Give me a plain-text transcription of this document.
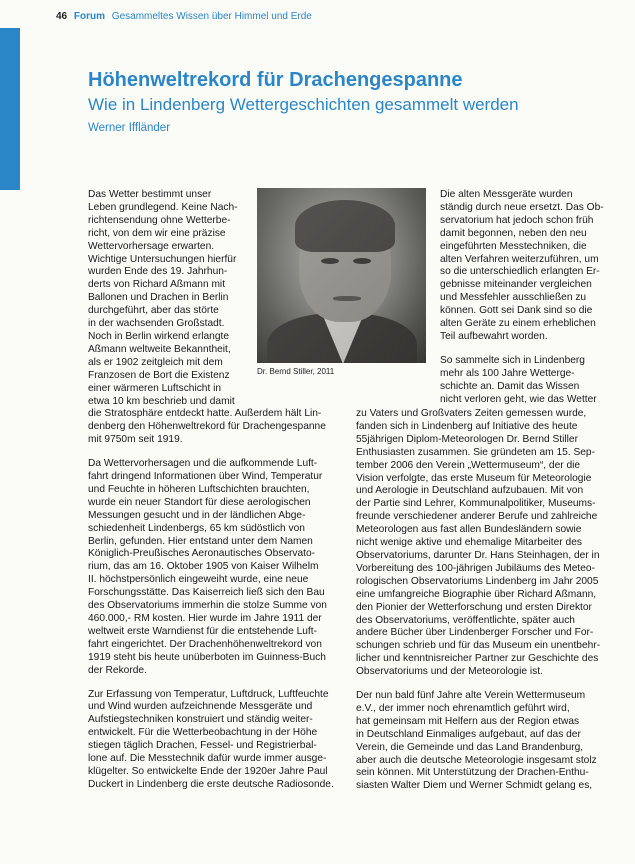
46 Forum Gesammeltes Wissen über Himmel und Erde
Höhenweltrekord für Drachengespanne
Wie in Lindenberg Wettergeschichten gesammelt werden
Werner Iffländer

Das Wetter bestimmt unser
Leben grundlegend. Keine Nach-
richtensendung ohne Wetterbe-
richt, von dem wir eine präzise
Wettervorhersage erwarten.
Wichtige Untersuchungen hierfür
wurden Ende des 19. Jahrhun-
derts von Richard Aßmann mit
Ballonen und Drachen in Berlin
durchgeführt, aber das störte
in der wachsenden Großstadt.
Noch in Berlin wirkend erlangte
Aßmann weltweite Bekanntheit,
als er 1902 zeitgleich mit dem
Franzosen de Bort die Existenz
einer wärmeren Luftschicht in
etwa 10 km beschrieb und damit
die Stratosphäre entdeckt hatte. Außerdem hält Lin-
denberg den Höhenweltrekord für Drachengespanne
mit 9750m seit 1919.

Da Wettervorhersagen und die aufkommende Luft-
fahrt dringend Informationen über Wind, Temperatur
und Feuchte in höheren Luftschichten brauchten,
wurde ein neuer Standort für diese aerologischen
Messungen gesucht und in der ländlichen Abge-
schiedenheit Lindenbergs, 65 km südöstlich von
Berlin, gefunden. Hier entstand unter dem Namen
Königlich-Preußisches Aeronautisches Observato-
rium, das am 16. Oktober 1905 von Kaiser Wilhelm
II. höchstpersönlich eingeweiht wurde, eine neue
Forschungsstätte. Das Kaiserreich ließ sich den Bau
des Observatoriums immerhin die stolze Summe von
460.000,- RM kosten. Hier wurde im Jahre 1911 der
weltweit erste Warndienst für die entstehende Luft-
fahrt eingerichtet. Der Drachenhöhenweltrekord von
1919 steht bis heute unüberboten im Guinness-Buch
der Rekorde.

Zur Erfassung von Temperatur, Luftdruck, Luftfeuchte
und Wind wurden aufzeichnende Messgeräte und
Aufstiegstechniken konstruiert und ständig weiter-
entwickelt. Für die Wetterbeobachtung in der Höhe
stiegen täglich Drachen, Fessel- und Registrierbal-
lone auf. Die Messtechnik dafür wurde immer ausge-
klügelter. So entwickelte Ende der 1920er Jahre Paul
Duckert in Lindenberg die erste deutsche Radiosonde.

Dr. Bernd Stiller, 2011

Die alten Messgeräte wurden
ständig durch neue ersetzt. Das Ob-
servatorium hat jedoch schon früh
damit begonnen, neben den neu
eingeführten Messtechniken, die
alten Verfahren weiterzuführen, um
so die unterschiedlich erlangten Er-
gebnisse miteinander vergleichen
und Messfehler ausschließen zu
können. Gott sei Dank sind so die
alten Geräte zu einem erheblichen
Teil aufbewahrt worden.

So sammelte sich in Lindenberg
mehr als 100 Jahre Wetterge-
schichte an. Damit das Wissen
nicht verloren geht, wie das Wetter

zu Vaters und Großvaters Zeiten gemessen wurde,
fanden sich in Lindenberg auf Initiative des heute
55jährigen Diplom-Meteorologen Dr. Bernd Stiller
Enthusiasten zusammen. Sie gründeten am 15. Sep-
tember 2006 den Verein „Wettermuseum“, der die
Vision verfolgte, das erste Museum für Meteorologie
und Aerologie in Deutschland aufzubauen. Mit von
der Partie sind Lehrer, Kommunalpolitiker, Museums-
freunde verschiedener anderer Berufe und zahlreiche
Meteorologen aus fast allen Bundesländern sowie
nicht wenige aktive und ehemalige Mitarbeiter des
Observatoriums, darunter Dr. Hans Steinhagen, der in
Vorbereitung des 100-jährigen Jubiläums des Meteo-
rologischen Observatoriums Lindenberg im Jahr 2005
eine umfangreiche Biographie über Richard Aßmann,
den Pionier der Wetterforschung und ersten Direktor
des Observatoriums, veröffentlichte, später auch
andere Bücher über Lindenberger Forscher und For-
schungen schrieb und für das Museum ein unentbehr-
licher und kenntnisreicher Partner zur Geschichte des
Observatoriums und der Meteorologie ist.

Der nun bald fünf Jahre alte Verein Wettermuseum
e.V., der immer noch ehrenamtlich geführt wird,
hat gemeinsam mit Helfern aus der Region etwas
in Deutschland Einmaliges aufgebaut, auf das der
Verein, die Gemeinde und das Land Brandenburg,
aber auch die deutsche Meteorologie insgesamt stolz
sein können. Mit Unterstützung der Drachen-Enthu-
siasten Walter Diem und Werner Schmidt gelang es,
